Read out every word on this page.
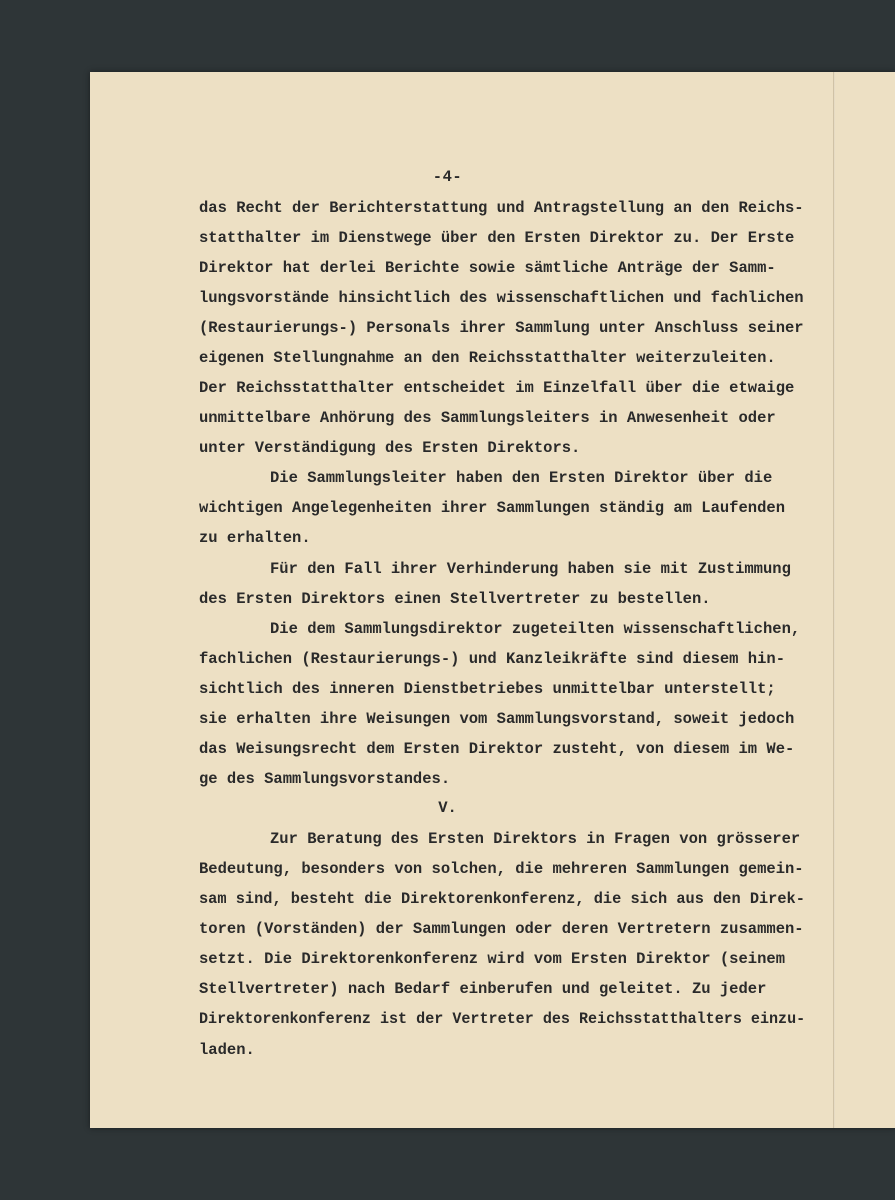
-4-
das Recht der Berichterstattung und Antragstellung an den Reichs-
statthalter im Dienstwege über den Ersten Direktor zu. Der Erste
Direktor hat derlei Berichte sowie sämtliche Anträge der Samm-
lungsvorstände hinsichtlich des wissenschaftlichen und fachlichen
(Restaurierungs-) Personals ihrer Sammlung unter Anschluss seiner
eigenen Stellungnahme an den Reichsstatthalter weiterzuleiten.
Der Reichsstatthalter entscheidet im Einzelfall über die etwaige
unmittelbare Anhörung des Sammlungsleiters in Anwesenheit oder
unter Verständigung des Ersten Direktors.
Die Sammlungsleiter haben den Ersten Direktor über die
wichtigen Angelegenheiten ihrer Sammlungen ständig am Laufenden
zu erhalten.
Für den Fall ihrer Verhinderung haben sie mit Zustimmung
des Ersten Direktors einen Stellvertreter zu bestellen.
Die dem Sammlungsdirektor zugeteilten wissenschaftlichen,
fachlichen (Restaurierungs-) und Kanzleikräfte sind diesem hin-
sichtlich des inneren Dienstbetriebes unmittelbar unterstellt;
sie erhalten ihre Weisungen vom Sammlungsvorstand, soweit jedoch
das Weisungsrecht dem Ersten Direktor zusteht, von diesem im We-
ge des Sammlungsvorstandes.
V.
Zur Beratung des Ersten Direktors in Fragen von grösserer
Bedeutung, besonders von solchen, die mehreren Sammlungen gemein-
sam sind, besteht die Direktorenkonferenz, die sich aus den Direk-
toren (Vorständen) der Sammlungen oder deren Vertretern zusammen-
setzt. Die Direktorenkonferenz wird vom Ersten Direktor (seinem
Stellvertreter) nach Bedarf einberufen und geleitet. Zu jeder
Direktorenkonferenz ist der Vertreter des Reichsstatthalters einzu-
laden.
